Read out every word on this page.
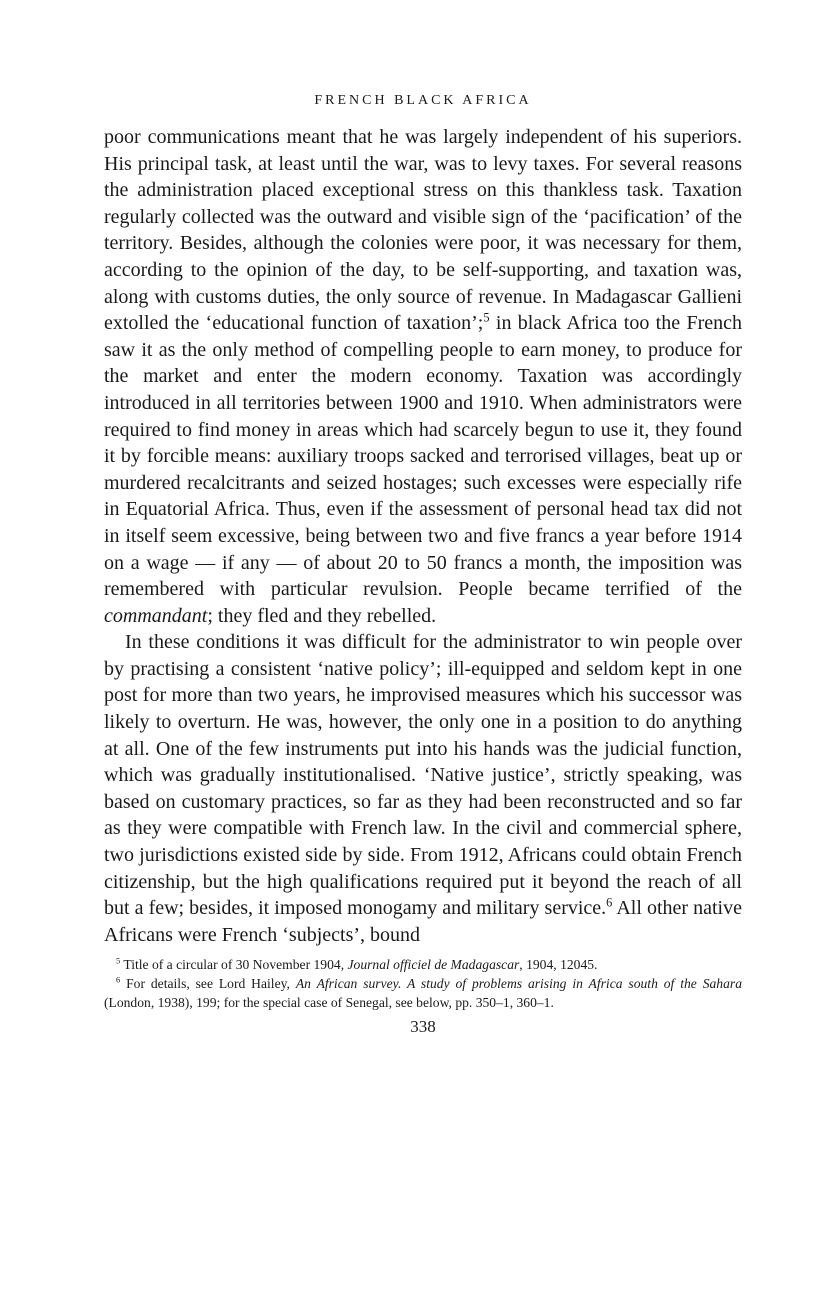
FRENCH BLACK AFRICA

poor communications meant that he was largely independent of his superiors. His principal task, at least until the war, was to levy taxes. For several reasons the administration placed exceptional stress on this thankless task. Taxation regularly collected was the outward and visible sign of the ‘pacification’ of the territory. Besides, although the colonies were poor, it was necessary for them, according to the opinion of the day, to be self-supporting, and taxation was, along with customs duties, the only source of revenue. In Madagascar Gallieni extolled the ‘educational function of taxation’;$^5$ in black Africa too the French saw it as the only method of compelling people to earn money, to produce for the market and enter the modern economy. Taxation was accordingly introduced in all territories between 1900 and 1910. When administrators were required to find money in areas which had scarcely begun to use it, they found it by forcible means: auxiliary troops sacked and terrorised villages, beat up or murdered recalcitrants and seized hostages; such excesses were especially rife in Equatorial Africa. Thus, even if the assessment of personal head tax did not in itself seem excessive, being between two and five francs a year before 1914 on a wage — if any — of about 20 to 50 francs a month, the imposition was remembered with particular revulsion. People became terrified of the commandant; they fled and they rebelled.

In these conditions it was difficult for the administrator to win people over by practising a consistent ‘native policy’; ill-equipped and seldom kept in one post for more than two years, he improvised measures which his successor was likely to overturn. He was, however, the only one in a position to do anything at all. One of the few instruments put into his hands was the judicial function, which was gradually institutionalised. ‘Native justice’, strictly speaking, was based on customary practices, so far as they had been reconstructed and so far as they were compatible with French law. In the civil and commercial sphere, two jurisdictions existed side by side. From 1912, Africans could obtain French citizenship, but the high qualifications required put it beyond the reach of all but a few; besides, it imposed monogamy and military service.$^6$ All other native Africans were French ‘subjects’, bound

$^5$ Title of a circular of 30 November 1904, Journal officiel de Madagascar, 1904, 12045.

$^6$ For details, see Lord Hailey, An African survey. A study of problems arising in Africa south of the Sahara (London, 1938), 199; for the special case of Senegal, see below, pp. 350–1, 360–1.

338
